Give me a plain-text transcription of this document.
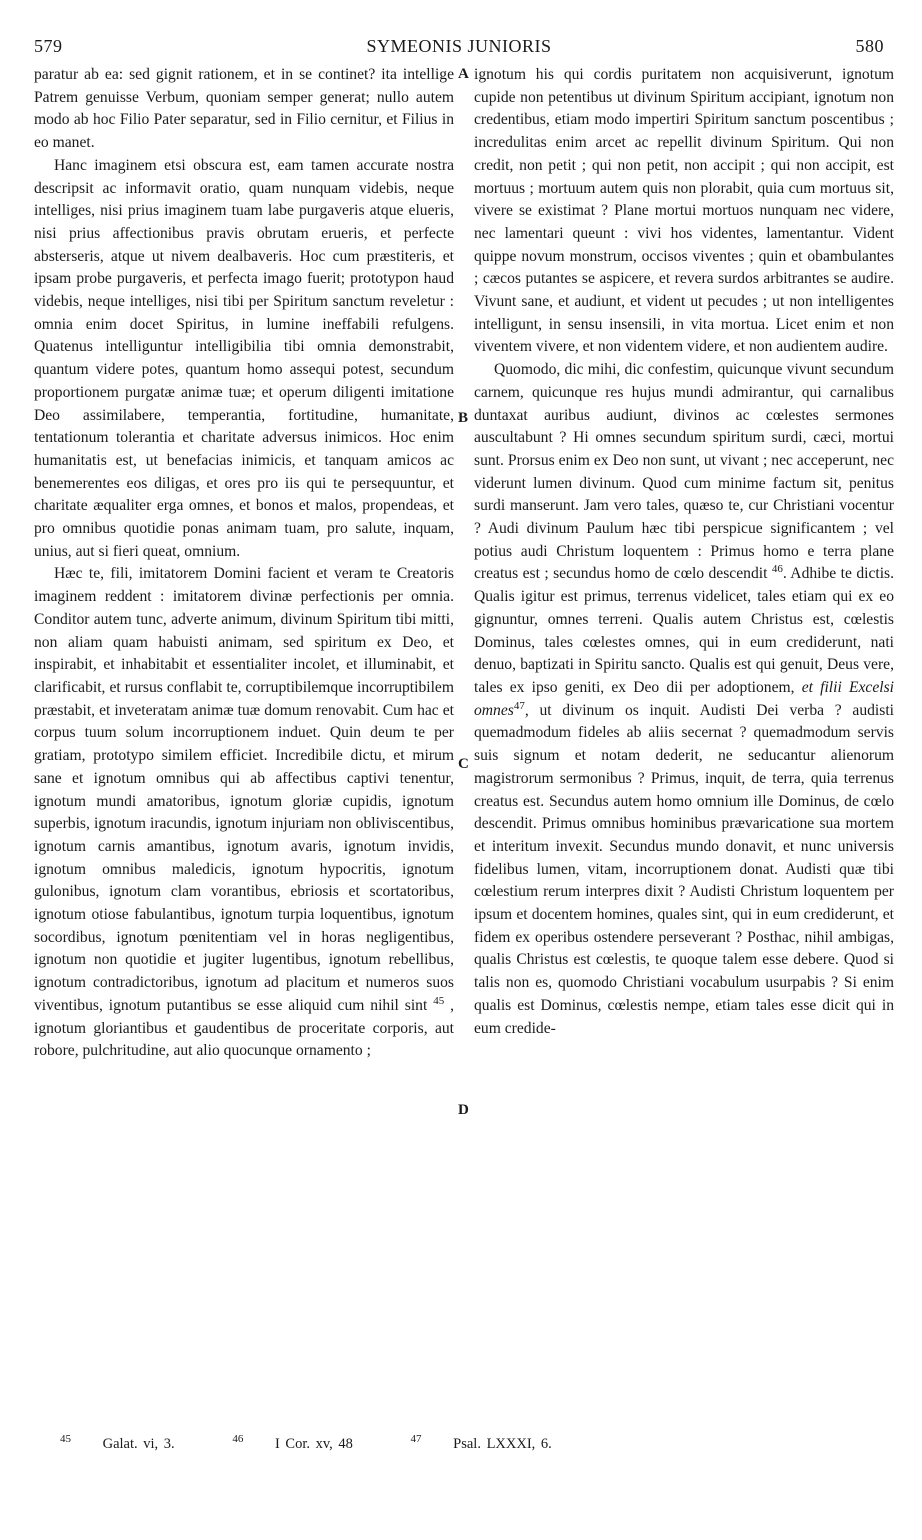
579	SYMEONIS JUNIORIS	580

paratur ab ea: sed gignit rationem, et in se continet? ita intellige Patrem genuisse Verbum, quoniam semper generat; nullo autem modo ab hoc Filio Pater separatur, sed in Filio cernitur, et Filius in eo manet.

Hanc imaginem etsi obscura est, eam tamen accurate nostra descripsit ac informavit oratio, quam nunquam videbis, neque intelliges, nisi prius imaginem tuam labe purgaveris atque elueris, nisi prius affectionibus pravis obrutam erueris, et perfecte absterseris, atque ut nivem dealbaveris. Hoc cum præstiteris, et ipsam probe purgaveris, et perfecta imago fuerit; prototypon haud videbis, neque intelliges, nisi tibi per Spiritum sanctum reveletur : omnia enim docet Spiritus, in lumine ineffabili refulgens. Quatenus intelliguntur intelligibilia tibi omnia demonstrabit, quantum videre potes, quantum homo assequi potest, secundum proportionem purgatæ animæ tuæ; et operum diligenti imitatione Deo assimilabere, temperantia, fortitudine, humanitate, tentationum tolerantia et charitate adversus inimicos. Hoc enim humanitatis est, ut benefacias inimicis, et tanquam amicos ac benemerentes eos diligas, et ores pro iis qui te persequuntur, et charitate æqualiter erga omnes, et bonos et malos, propendeas, et pro omnibus quotidie ponas animam tuam, pro salute, inquam, unius, aut si fieri queat, omnium.

Hæc te, fili, imitatorem Domini facient et veram te Creatoris imaginem reddent : imitatorem divinæ perfectionis per omnia. Conditor autem tunc, adverte animum, divinum Spiritum tibi mitti, non aliam quam habuisti animam, sed spiritum ex Deo, et inspirabit, et inhabitabit et essentialiter incolet, et illuminabit, et clarificabit, et rursus conflabit te, corruptibilemque incorruptibilem præstabit, et inveteratam animæ tuæ domum renovabit. Cum hac et corpus tuum solum incorruptionem induet. Quin deum te per gratiam, prototypo similem efficiet. Incredibile dictu, et mirum sane et ignotum omnibus qui ab affectibus captivi tenentur, ignotum mundi amatoribus, ignotum gloriæ cupidis, ignotum superbis, ignotum iracundis, ignotum injuriam non obliviscentibus, ignotum carnis amantibus, ignotum avaris, ignotum invidis, ignotum omnibus maledicis, ignotum hypocritis, ignotum gulonibus, ignotum clam vorantibus, ebriosis et scortatoribus, ignotum otiose fabulantibus, ignotum turpia loquentibus, ignotum socordibus, ignotum pœnitentiam vel in horas negligentibus, ignotum non quotidie et jugiter lugentibus, ignotum rebellibus, ignotum contradictoribus, ignotum ad placitum et numeros suos viventibus, ignotum putantibus se esse aliquid cum nihil sint $^{45}$ , ignotum gloriantibus et gaudentibus de proceritate corporis, aut robore, pulchritudine, aut alio quocunque ornamento ;

A
B
C
D

ignotum his qui cordis puritatem non acquisiverunt, ignotum cupide non petentibus ut divinum Spiritum accipiant, ignotum non credentibus, etiam modo impertiri Spiritum sanctum poscentibus ; incredulitas enim arcet ac repellit divinum Spiritum. Qui non credit, non petit ; qui non petit, non accipit ; qui non accipit, est mortuus ; mortuum autem quis non plorabit, quia cum mortuus sit, vivere se existimat ? Plane mortui mortuos nunquam nec videre, nec lamentari queunt : vivi hos videntes, lamentantur. Vident quippe novum monstrum, occisos viventes ; quin et obambulantes ; cæcos putantes se aspicere, et revera surdos arbitrantes se audire. Vivunt sane, et audiunt, et vident ut pecudes ; ut non intelligentes intelligunt, in sensu insensili, in vita mortua. Licet enim et non viventem vivere, et non videntem videre, et non audientem audire.

Quomodo, dic mihi, dic confestim, quicunque vivunt secundum carnem, quicunque res hujus mundi admirantur, qui carnalibus duntaxat auribus audiunt, divinos ac cœlestes sermones auscultabunt ? Hi omnes secundum spiritum surdi, cæci, mortui sunt. Prorsus enim ex Deo non sunt, ut vivant ; nec acceperunt, nec viderunt lumen divinum. Quod cum minime factum sit, penitus surdi manserunt. Jam vero tales, quæso te, cur Christiani vocentur ? Audi divinum Paulum hæc tibi perspicue significantem ; vel potius audi Christum loquentem : Primus homo e terra plane creatus est ; secundus homo de cœlo descendit $^{46}$. Adhibe te dictis. Qualis igitur est primus, terrenus videlicet, tales etiam qui ex eo gignuntur, omnes terreni. Qualis autem Christus est, cœlestis Dominus, tales cœlestes omnes, qui in eum crediderunt, nati denuo, baptizati in Spiritu sancto. Qualis est qui genuit, Deus vere, tales ex ipso geniti, ex Deo dii per adoptionem, et filii Excelsi omnes$^{47}$, ut divinum os inquit. Audisti Dei verba ? audisti quemadmodum fideles ab aliis secernat ? quemadmodum servis suis signum et notam dederit, ne seducantur alienorum magistrorum sermonibus ? Primus, inquit, de terra, quia terrenus creatus est. Secundus autem homo omnium ille Dominus, de cœlo descendit. Primus omnibus hominibus prævaricatione sua mortem et interitum invexit. Secundus mundo donavit, et nunc universis fidelibus lumen, vitam, incorruptionem donat. Audisti quæ tibi cœlestium rerum interpres dixit ? Audisti Christum loquentem per ipsum et docentem homines, quales sint, qui in eum crediderunt, et fidem ex operibus ostendere perseverant ? Posthac, nihil ambigas, qualis Christus est cœlestis, te quoque talem esse debere. Quod si talis non es, quomodo Christiani vocabulum usurpabis ? Si enim qualis est Dominus, cœlestis nempe, etiam tales esse dicit qui in eum credide-

$^{45}$ Galat. vi, 3.	$^{46}$ I Cor. xv, 48	$^{47}$ Psal. LXXXI, 6.
